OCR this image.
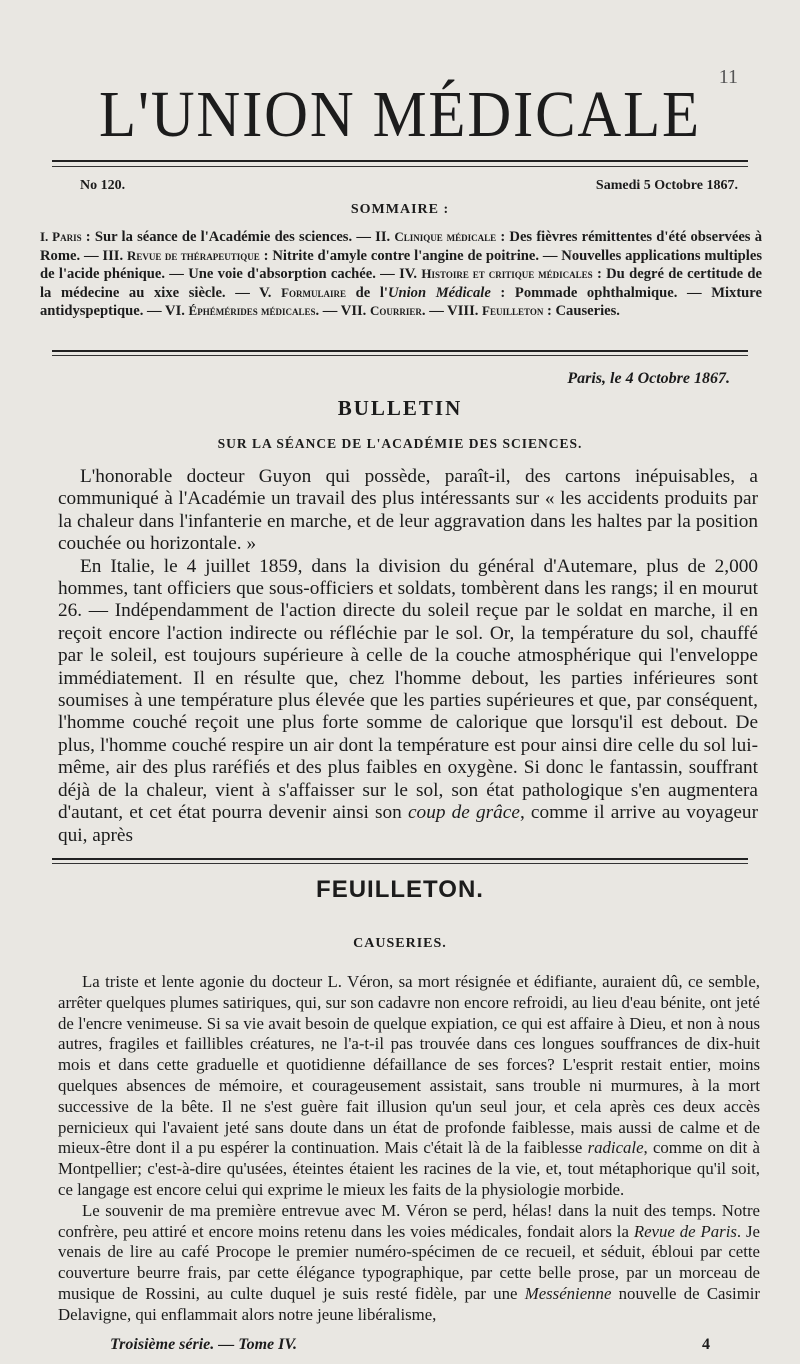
11
L'UNION MÉDICALE
No 120.	Samedi 5 Octobre 1867.
SOMMAIRE :
I. Paris : Sur la séance de l'Académie des sciences. — II. Clinique médicale : Des fièvres rémittentes d'été observées à Rome. — III. Revue de thérapeutique : Nitrite d'amyle contre l'angine de poitrine. — Nouvelles applications multiples de l'acide phénique. — Une voie d'absorption cachée. — IV. Histoire et critique médicales : Du degré de certitude de la médecine au xixe siècle. — V. Formulaire de l'Union Médicale : Pommade ophthalmique. — Mixture antidyspeptique. — VI. Éphémérides médicales. — VII. Courrier. — VIII. Feuilleton : Causeries.
Paris, le 4 Octobre 1867.
BULLETIN
SUR LA SÉANCE DE L'ACADÉMIE DES SCIENCES.

L'honorable docteur Guyon qui possède, paraît-il, des cartons inépuisables, a communiqué à l'Académie un travail des plus intéressants sur « les accidents produits par la chaleur dans l'infanterie en marche, et de leur aggravation dans les haltes par la position couchée ou horizontale. »

En Italie, le 4 juillet 1859, dans la division du général d'Autemare, plus de 2,000 hommes, tant officiers que sous-officiers et soldats, tombèrent dans les rangs; il en mourut 26. — Indépendamment de l'action directe du soleil reçue par le soldat en marche, il en reçoit encore l'action indirecte ou réfléchie par le sol. Or, la température du sol, chauffé par le soleil, est toujours supérieure à celle de la couche atmosphérique qui l'enveloppe immédiatement. Il en résulte que, chez l'homme debout, les parties inférieures sont soumises à une température plus élevée que les parties supérieures et que, par conséquent, l'homme couché reçoit une plus forte somme de calorique que lorsqu'il est debout. De plus, l'homme couché respire un air dont la température est pour ainsi dire celle du sol lui-même, air des plus raréfiés et des plus faibles en oxygène. Si donc le fantassin, souffrant déjà de la chaleur, vient à s'affaisser sur le sol, son état pathologique s'en augmentera d'autant, et cet état pourra devenir ainsi son coup de grâce, comme il arrive au voyageur qui, après

FEUILLETON.
CAUSERIES.

La triste et lente agonie du docteur L. Véron, sa mort résignée et édifiante, auraient dû, ce semble, arrêter quelques plumes satiriques, qui, sur son cadavre non encore refroidi, au lieu d'eau bénite, ont jeté de l'encre venimeuse. Si sa vie avait besoin de quelque expiation, ce qui est affaire à Dieu, et non à nous autres, fragiles et faillibles créatures, ne l'a-t-il pas trouvée dans ces longues souffrances de dix-huit mois et dans cette graduelle et quotidienne défaillance de ses forces? L'esprit restait entier, moins quelques absences de mémoire, et courageusement assistait, sans trouble ni murmures, à la mort successive de la bête. Il ne s'est guère fait illusion qu'un seul jour, et cela après ces deux accès pernicieux qui l'avaient jeté sans doute dans un état de profonde faiblesse, mais aussi de calme et de mieux-être dont il a pu espérer la continuation. Mais c'était là de la faiblesse radicale, comme on dit à Montpellier; c'est-à-dire qu'usées, éteintes étaient les racines de la vie, et, tout métaphorique qu'il soit, ce langage est encore celui qui exprime le mieux les faits de la physiologie morbide.

Le souvenir de ma première entrevue avec M. Véron se perd, hélas! dans la nuit des temps. Notre confrère, peu attiré et encore moins retenu dans les voies médicales, fondait alors la Revue de Paris. Je venais de lire au café Procope le premier numéro-spécimen de ce recueil, et séduit, ébloui par cette couverture beurre frais, par cette élégance typographique, par cette belle prose, par un morceau de musique de Rossini, au culte duquel je suis resté fidèle, par une Messénienne nouvelle de Casimir Delavigne, qui enflammait alors notre jeune libéralisme,

Troisième série. — Tome IV.	4
